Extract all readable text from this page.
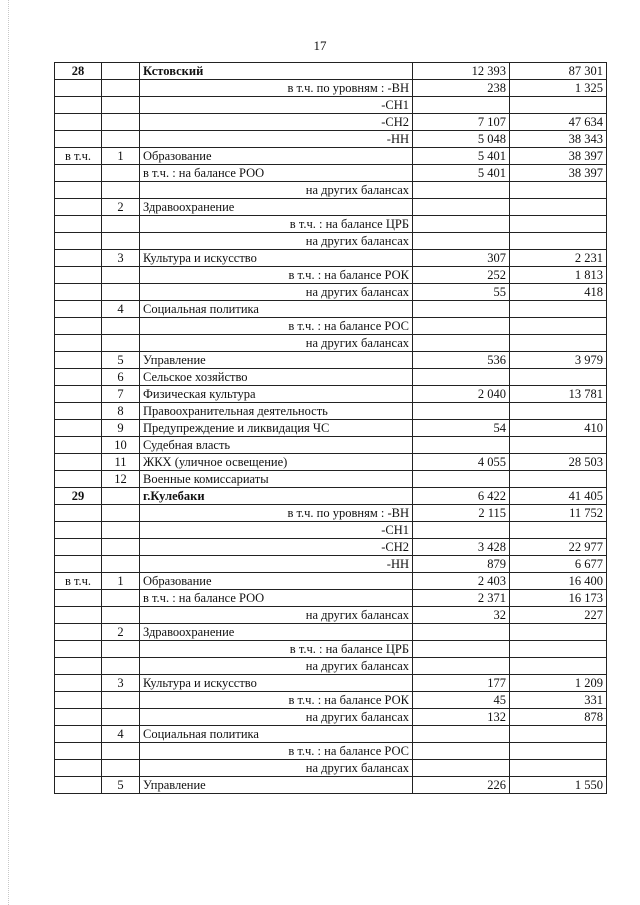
17
28		Кстовский	12 393	87 301
		в т.ч. по уровням : -ВН	238	1 325
		-СН1		
		-СН2	7 107	47 634
		-НН	5 048	38 343
в т.ч.	1	Образование	5 401	38 397
		в т.ч. : на балансе РОО	5 401	38 397
		на других балансах		
	2	Здравоохранение		
		в т.ч. : на балансе ЦРБ		
		на других балансах		
	3	Культура и искусство	307	2 231
		в т.ч. : на балансе РОК	252	1 813
		на других балансах	55	418
	4	Социальная политика		
		в т.ч. : на балансе РОС		
		на других балансах		
	5	Управление	536	3 979
	6	Сельское хозяйство		
	7	Физическая культура	2 040	13 781
	8	Правоохранительная деятельность		
	9	Предупреждение и ликвидация ЧС	54	410
	10	Судебная власть		
	11	ЖКХ (уличное освещение)	4 055	28 503
	12	Военные комиссариаты		
29		г.Кулебаки	6 422	41 405
		в т.ч. по уровням : -ВН	2 115	11 752
		-СН1		
		-СН2	3 428	22 977
		-НН	879	6 677
в т.ч.	1	Образование	2 403	16 400
		в т.ч. : на балансе РОО	2 371	16 173
		на других балансах	32	227
	2	Здравоохранение		
		в т.ч. : на балансе ЦРБ		
		на других балансах		
	3	Культура и искусство	177	1 209
		в т.ч. : на балансе РОК	45	331
		на других балансах	132	878
	4	Социальная политика		
		в т.ч. : на балансе РОС		
		на других балансах		
	5	Управление	226	1 550
